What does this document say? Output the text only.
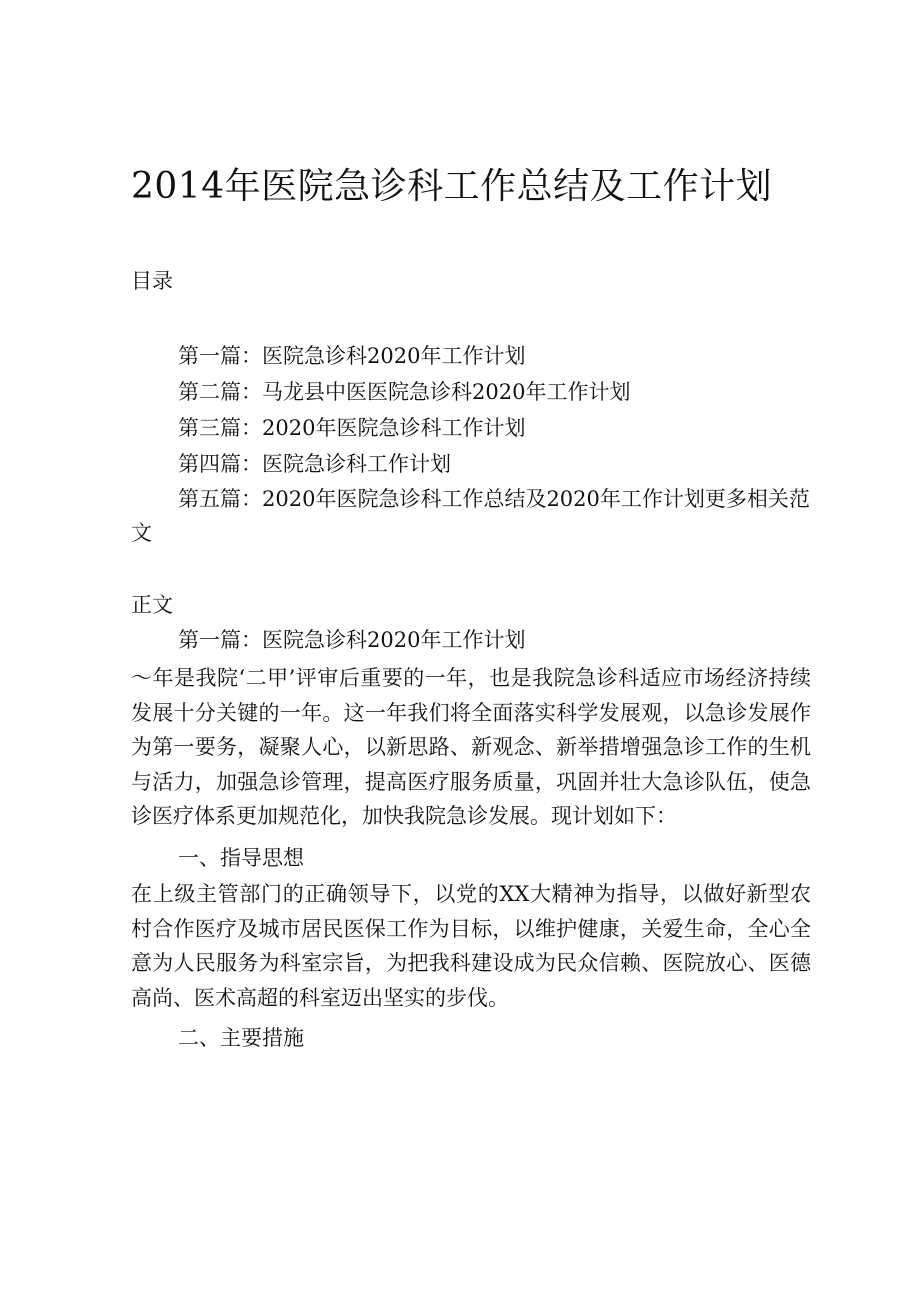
2014年医院急诊科工作总结及工作计划

目录

第一篇：医院急诊科2020年工作计划
第二篇：马龙县中医医院急诊科2020年工作计划
第三篇：2020年医院急诊科工作计划
第四篇：医院急诊科工作计划
第五篇：2020年医院急诊科工作总结及2020年工作计划更多相关范文

正文

第一篇：医院急诊科2020年工作计划

～年是我院‘二甲’评审后重要的一年，也是我院急诊科适应市场经济持续发展十分关键的一年。这一年我们将全面落实科学发展观，以急诊发展作为第一要务，凝聚人心，以新思路、新观念、新举措增强急诊工作的生机与活力，加强急诊管理，提高医疗服务质量，巩固并壮大急诊队伍，使急诊医疗体系更加规范化，加快我院急诊发展。现计划如下：

一、指导思想

在上级主管部门的正确领导下，以党的XX大精神为指导，以做好新型农村合作医疗及城市居民医保工作为目标，以维护健康，关爱生命，全心全意为人民服务为科室宗旨，为把我科建设成为民众信赖、医院放心、医德高尚、医术高超的科室迈出坚实的步伐。

二、主要措施
